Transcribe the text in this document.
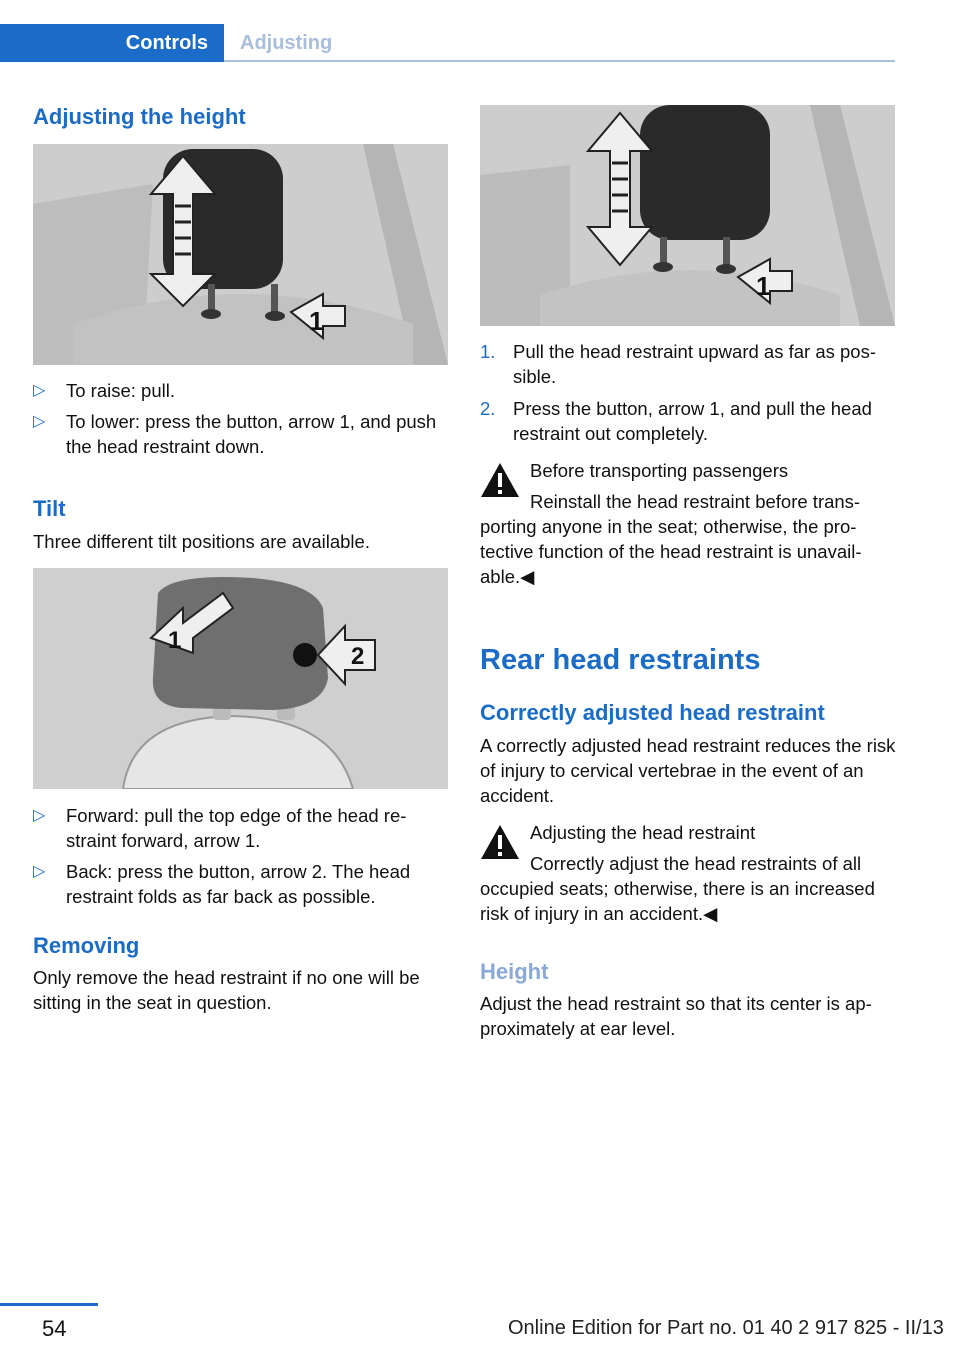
Controls	Adjusting
Adjusting the height
1
▷ To raise: pull.
▷ To lower: press the button, arrow 1, and push the head restraint down.
Tilt
Three different tilt positions are available.
1
2
▷ Forward: pull the top edge of the head re‐straint forward, arrow 1.
▷ Back: press the button, arrow 2. The head restraint folds as far back as possible.
Removing
Only remove the head restraint if no one will be sitting in the seat in question.
1
1. Pull the head restraint upward as far as pos‐sible.
2. Press the button, arrow 1, and pull the head restraint out completely.
Before transporting passengers
Reinstall the head restraint before trans‐porting anyone in the seat; otherwise, the pro‐tective function of the head restraint is unavail‐able.◀
Rear head restraints
Correctly adjusted head restraint
A correctly adjusted head restraint reduces the risk of injury to cervical vertebrae in the event of an accident.
Adjusting the head restraint
Correctly adjust the head restraints of all occupied seats; otherwise, there is an increased risk of injury in an accident.◀
Height
Adjust the head restraint so that its center is ap‐proximately at ear level.
54	Online Edition for Part no. 01 40 2 917 825 - II/13
